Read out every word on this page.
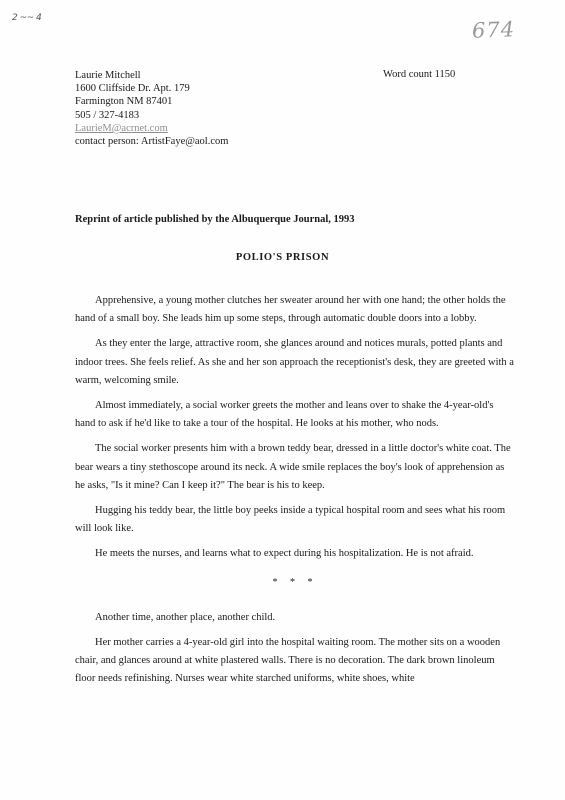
2 ~~ 4	674
Laurie Mitchell
1600 Cliffside Dr. Apt. 179
Farmington NM 87401
505 / 327-4183
LaurieM@acrnet.com
contact person: ArtistFaye@aol.com
Word count 1150
Reprint of article published by the Albuquerque Journal, 1993
POLIO'S PRISON

Apprehensive, a young mother clutches her sweater around her with one hand; the other holds the hand of a small boy. She leads him up some steps, through automatic double doors into a lobby.

As they enter the large, attractive room, she glances around and notices murals, potted plants and indoor trees. She feels relief. As she and her son approach the receptionist's desk, they are greeted with a warm, welcoming smile.

Almost immediately, a social worker greets the mother and leans over to shake the 4-year-old's hand to ask if he'd like to take a tour of the hospital. He looks at his mother, who nods.

The social worker presents him with a brown teddy bear, dressed in a little doctor's white coat. The bear wears a tiny stethoscope around its neck. A wide smile replaces the boy's look of apprehension as he asks, "Is it mine? Can I keep it?" The bear is his to keep.

Hugging his teddy bear, the little boy peeks inside a typical hospital room and sees what his room will look like.

He meets the nurses, and learns what to expect during his hospitalization. He is not afraid.

* * *

Another time, another place, another child.

Her mother carries a 4-year-old girl into the hospital waiting room. The mother sits on a wooden chair, and glances around at white plastered walls. There is no decoration. The dark brown linoleum floor needs refinishing. Nurses wear white starched uniforms, white shoes, white
